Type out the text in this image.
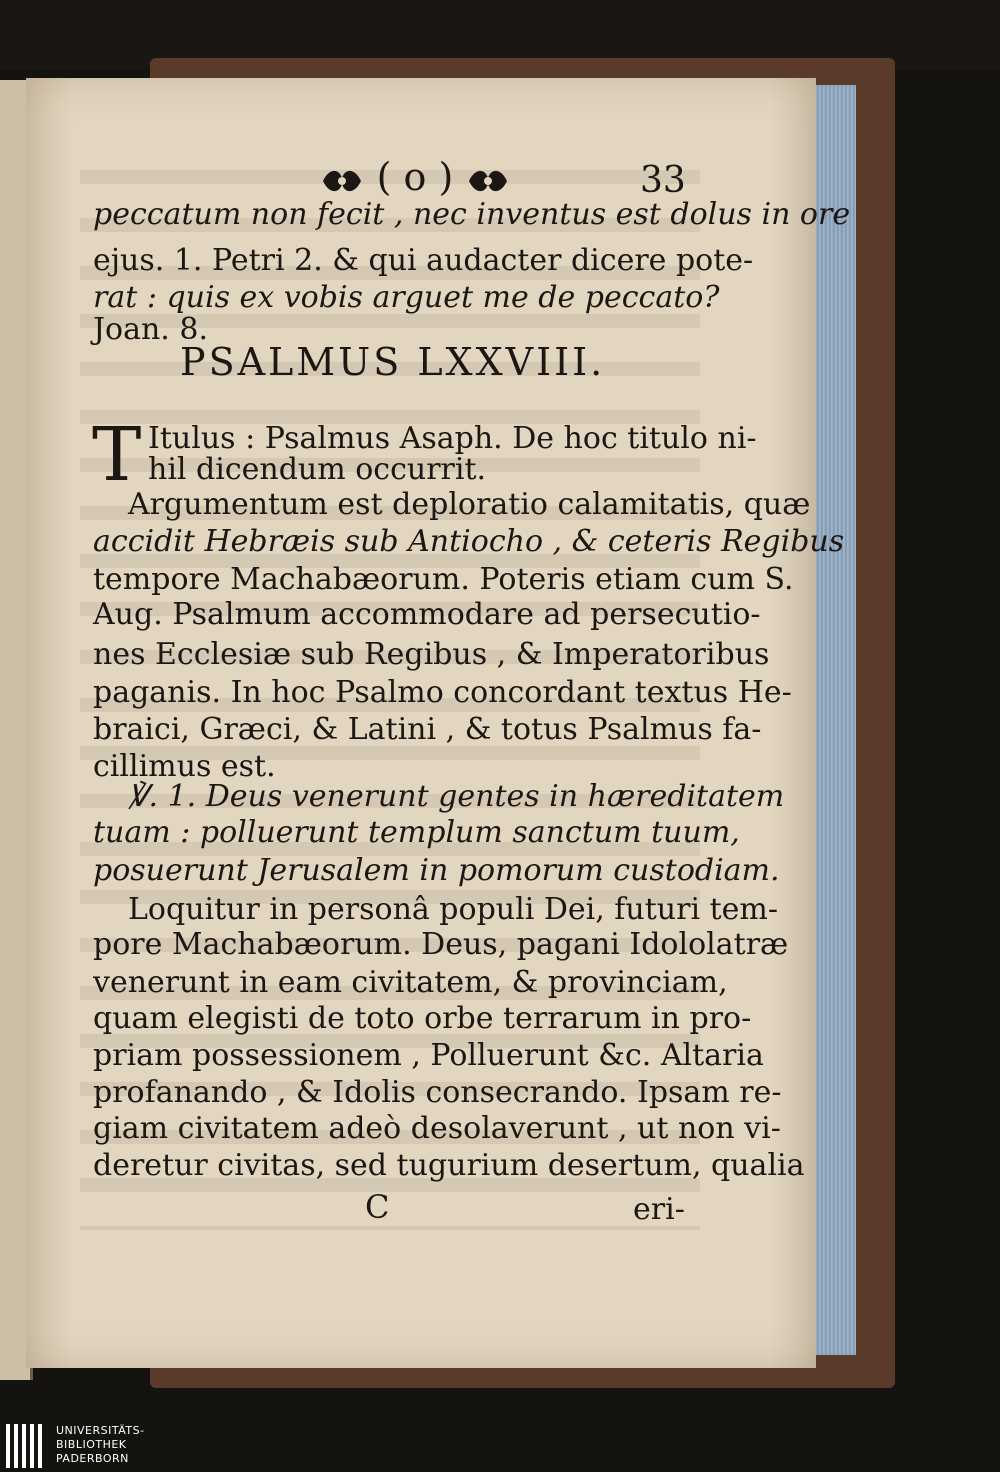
( o )	33
peccatum non fecit , nec inventus est dolus in ore
ejus. 1. Petri 2. & qui audacter dicere pote-
rat : quis ex vobis arguet me de peccato?
Joan. 8.
PSALMUS LXXVIII.
T Itulus : Psalmus Asaph. De hoc titulo ni-
hil dicendum occurrit.
Argumentum est deploratio calamitatis, quæ
accidit Hebræis sub Antiocho , & ceteris Regibus
tempore Machabæorum. Poteris etiam cum S.
Aug. Psalmum accommodare ad persecutio-
nes Ecclesiæ sub Regibus , & Imperatoribus
paganis. In hoc Psalmo concordant textus He-
braici, Græci, & Latini , & totus Psalmus fa-
cillimus est.
℣. 1. Deus venerunt gentes in hæreditatem
tuam : polluerunt templum sanctum tuum,
posuerunt Jerusalem in pomorum custodiam.
Loquitur in personâ populi Dei, futuri tem-
pore Machabæorum. Deus, pagani Idololatræ
venerunt in eam civitatem, & provinciam,
quam elegisti de toto orbe terrarum in pro-
priam possessionem , Polluerunt &c. Altaria
profanando , & Idolis consecrando. Ipsam re-
giam civitatem adeò desolaverunt , ut non vi-
deretur civitas, sed tugurium desertum, qualia
C	eri-
UNIVERSITÄTS-
BIBLIOTHEK
PADERBORN
